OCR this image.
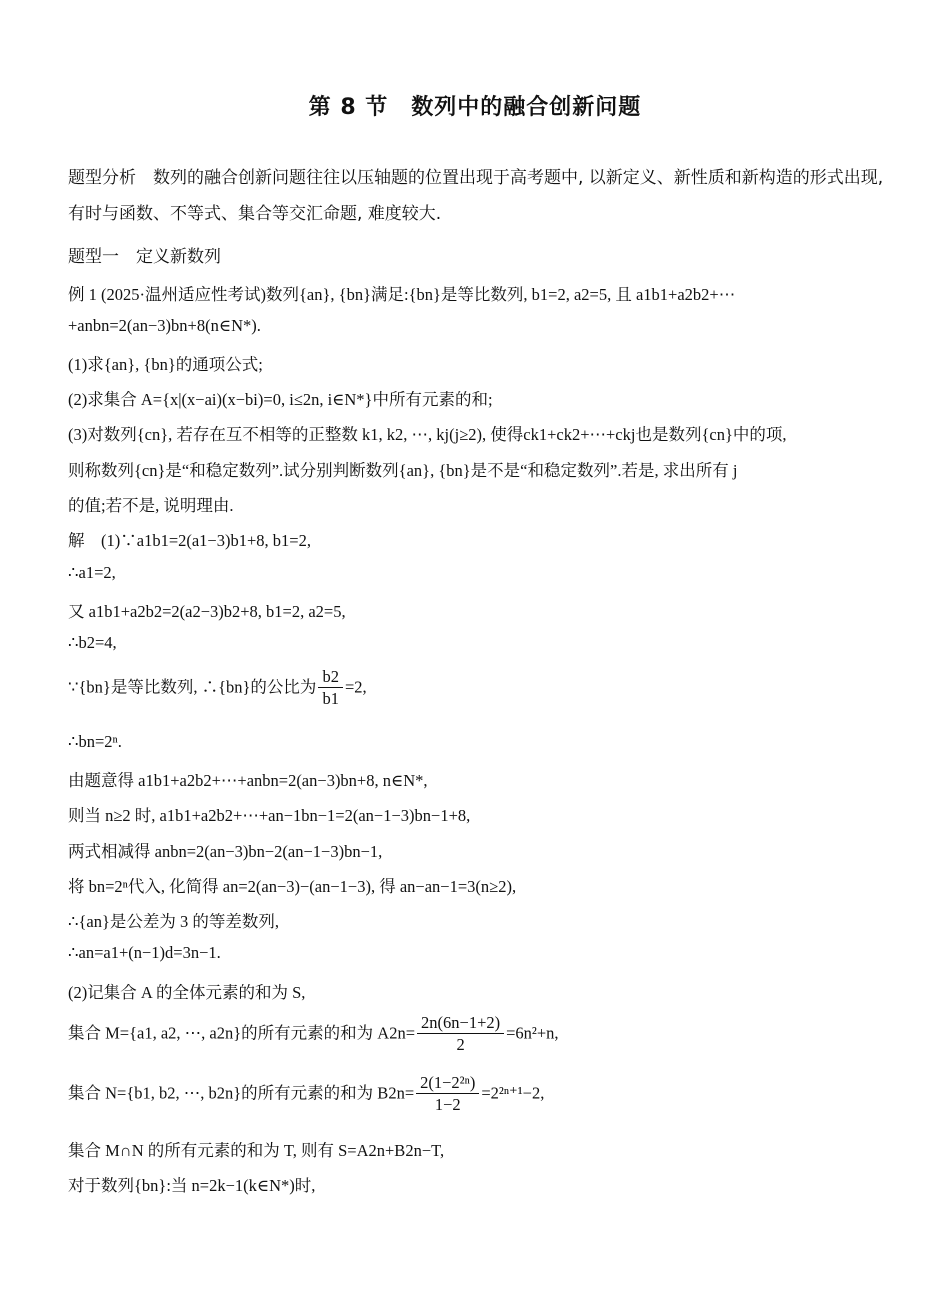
第 8 节　数列中的融合创新问题
题型分析　数列的融合创新问题往往以压轴题的位置出现于高考题中, 以新定义、新性质和新构造的形式出现, 有时与函数、不等式、集合等交汇命题, 难度较大.
题型一　定义新数列
例 1 (2025·温州适应性考试)数列{an}, {bn}满足:{bn}是等比数列, b1=2, a2=5, 且 a1b1+a2b2+⋯
+anbn=2(an−3)bn+8(n∈N*).
(1)求{an}, {bn}的通项公式;
(2)求集合 A={x|(x−ai)(x−bi)=0, i≤2n, i∈N*}中所有元素的和;
(3)对数列{cn}, 若存在互不相等的正整数 k1, k2, ⋯, kj(j≥2), 使得ck1+ck2+⋯+ckj也是数列{cn}中的项,
则称数列{cn}是“和稳定数列”.试分别判断数列{an}, {bn}是不是“和稳定数列”.若是, 求出所有 j
的值;若不是, 说明理由.
解　(1)∵a1b1=2(a1−3)b1+8, b1=2,
∴a1=2,
又 a1b1+a2b2=2(a2−3)b2+8, b1=2, a2=5,
∴b2=4,
∵{bn}是等比数列, ∴{bn}的公比为 $\frac{b2}{b1} =2$,
∴bn=2ⁿ.
由题意得 a1b1+a2b2+⋯+anbn=2(an−3)bn+8, n∈N*,
则当 n≥2 时, a1b1+a2b2+⋯+an−1bn−1=2(an−1−3)bn−1+8,
两式相减得 anbn=2(an−3)bn−2(an−1−3)bn−1,
将 bn=2ⁿ代入, 化简得 an=2(an−3)−(an−1−3), 得 an−an−1=3(n≥2),
∴{an}是公差为 3 的等差数列,
∴an=a1+(n−1)d=3n−1.
(2)记集合 A 的全体元素的和为 S,
集合 M={a1, a2, ⋯, a2n}的所有元素的和为 $A2n= \frac{2n(6n-1+2)}{2} =6n^2+n$,
集合 N={b1, b2, ⋯, b2n}的所有元素的和为 $B2n= \frac{\text{2(1−2²ⁿ)}}{1-2} =2^{2n+1}-2$,
集合 M∩N 的所有元素的和为 T, 则有 S=A2n+B2n−T,
对于数列{bn}:当 n=2k−1(k∈N*)时,
